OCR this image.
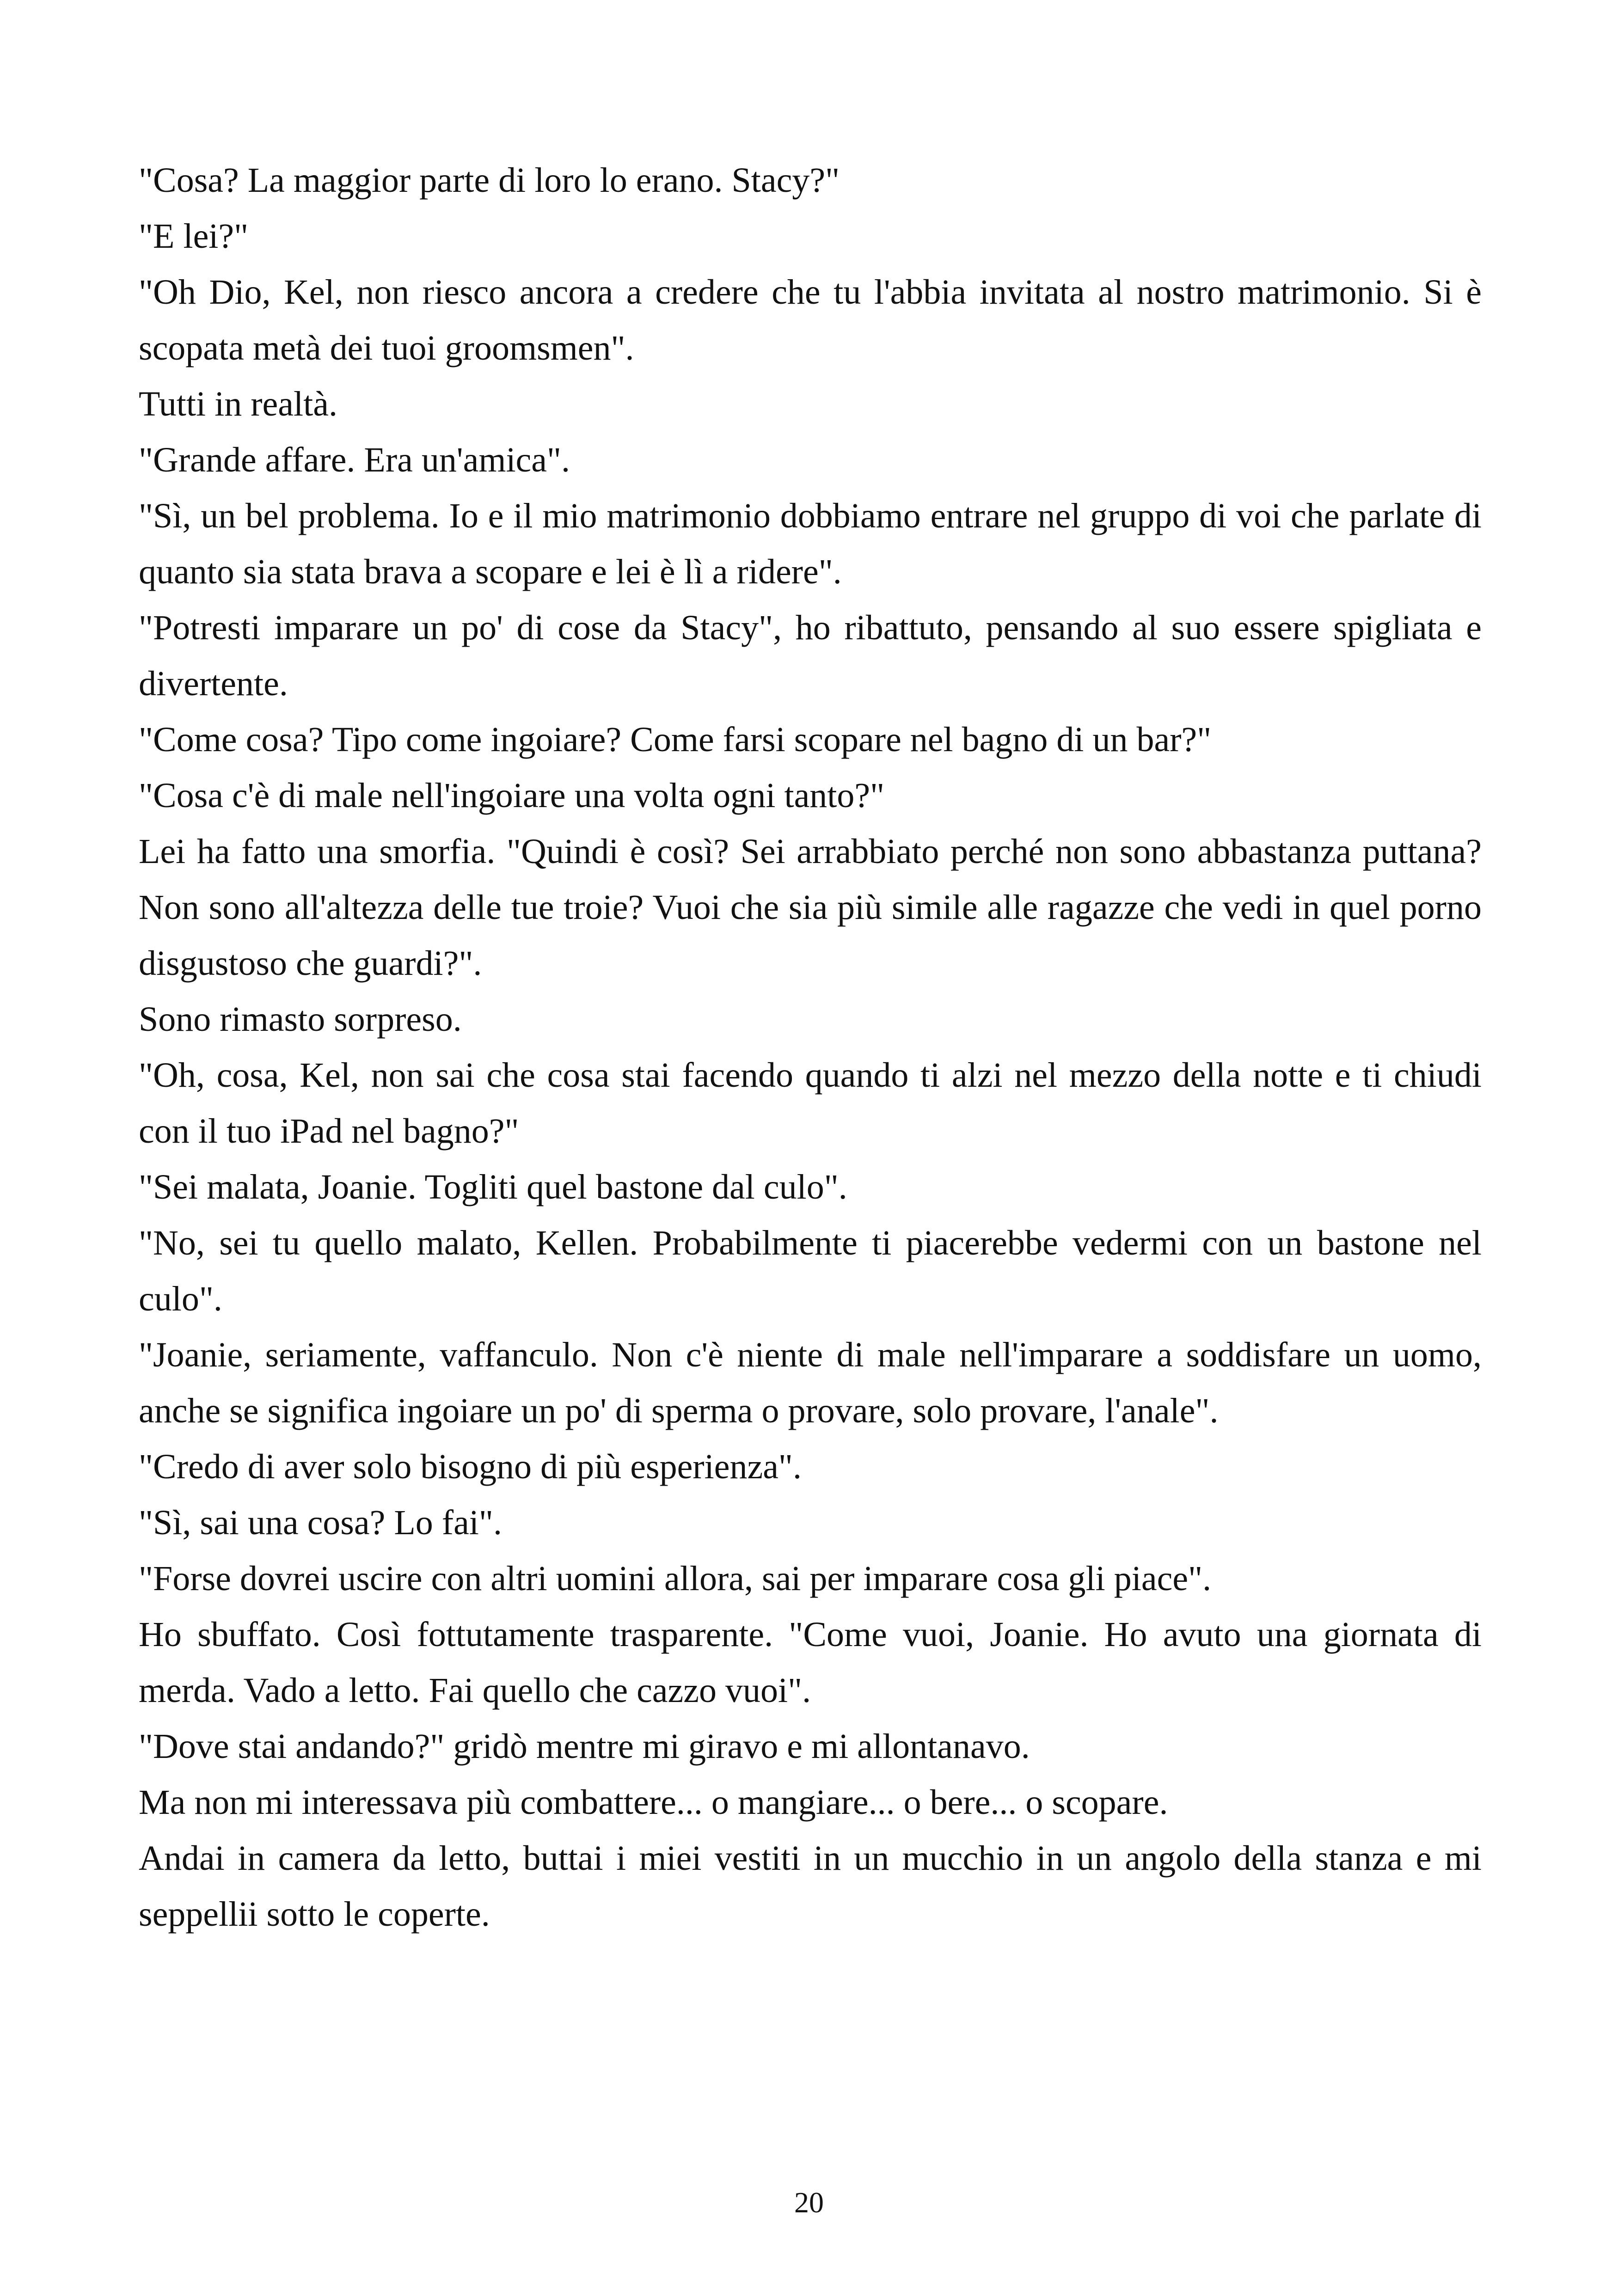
"Cosa? La maggior parte di loro lo erano. Stacy?"

"E lei?"

"Oh Dio, Kel, non riesco ancora a credere che tu l'abbia invitata al nostro matrimonio. Si è scopata metà dei tuoi groomsmen".

Tutti in realtà.

"Grande affare. Era un'amica".

"Sì, un bel problema. Io e il mio matrimonio dobbiamo entrare nel gruppo di voi che parlate di quanto sia stata brava a scopare e lei è lì a ridere".

"Potresti imparare un po' di cose da Stacy", ho ribattuto, pensando al suo essere spigliata e divertente.

"Come cosa? Tipo come ingoiare? Come farsi scopare nel bagno di un bar?"

"Cosa c'è di male nell'ingoiare una volta ogni tanto?"

Lei ha fatto una smorfia. "Quindi è così? Sei arrabbiato perché non sono abbastanza puttana? Non sono all'altezza delle tue troie? Vuoi che sia più simile alle ragazze che vedi in quel porno disgustoso che guardi?".

Sono rimasto sorpreso.

"Oh, cosa, Kel, non sai che cosa stai facendo quando ti alzi nel mezzo della notte e ti chiudi con il tuo iPad nel bagno?"

"Sei malata, Joanie. Togliti quel bastone dal culo".

"No, sei tu quello malato, Kellen. Probabilmente ti piacerebbe vedermi con un bastone nel culo".

"Joanie, seriamente, vaffanculo. Non c'è niente di male nell'imparare a soddisfare un uomo, anche se significa ingoiare un po' di sperma o provare, solo provare, l'anale".

"Credo di aver solo bisogno di più esperienza".

"Sì, sai una cosa? Lo fai".

"Forse dovrei uscire con altri uomini allora, sai per imparare cosa gli piace".

Ho sbuffato. Così fottutamente trasparente. "Come vuoi, Joanie. Ho avuto una giornata di merda. Vado a letto. Fai quello che cazzo vuoi".

"Dove stai andando?" gridò mentre mi giravo e mi allontanavo.

Ma non mi interessava più combattere... o mangiare... o bere... o scopare.

Andai in camera da letto, buttai i miei vestiti in un mucchio in un angolo della stanza e mi seppellii sotto le coperte.

20
